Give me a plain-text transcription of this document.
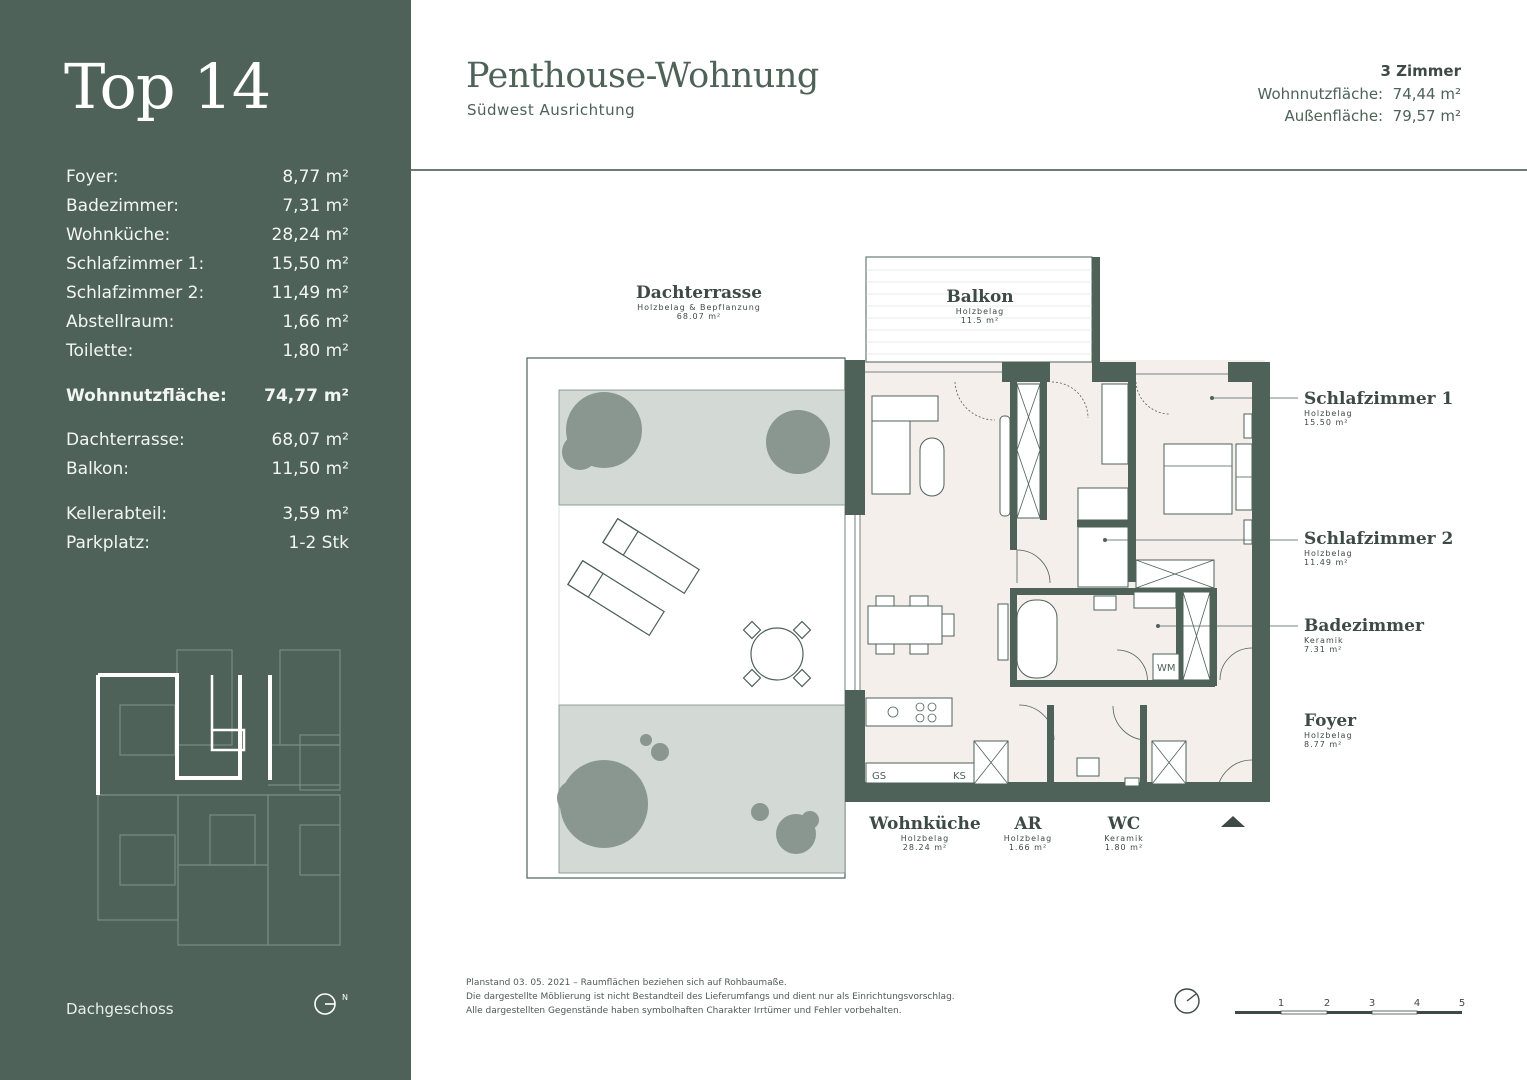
Top 14
Foyer:	8,77 m²
Badezimmer:	7,31 m²
Wohnküche:	28,24 m²
Schlafzimmer 1:	15,50 m²
Schlafzimmer 2:	11,49 m²
Abstellraum:	1,66 m²
Toilette:	1,80 m²
Wohnnutzfläche: 74,77 m²
Dachterrasse:	68,07 m²
Balkon:	11,50 m²
Kellerabteil:	3,59 m²
Parkplatz:	1-2 Stk
Dachgeschoss
N
Penthouse-Wohnung
Südwest Ausrichtung
3 Zimmer
Wohnnutzfläche: 74,44 m²
Außenfläche: 79,57 m²
GS	KS
WM
Dachterrasse
Holzbelag & Bepflanzung
68.07 m²
Balkon
Holzbelag
11.5 m²
Schlafzimmer 1
Holzbelag
15.50 m²
Schlafzimmer 2
Holzbelag
11.49 m²
Badezimmer
Keramik
7.31 m²
Foyer
Holzbelag
8.77 m²
Wohnküche
Holzbelag
28.24 m²
AR
Holzbelag
1.66 m²
WC
Keramik
1.80 m²
Planstand 03. 05. 2021 – Raumflächen beziehen sich auf Rohbaumaße.
Die dargestellte Möblierung ist nicht Bestandteil des Lieferumfangs und dient nur als Einrichtungsvorschlag.
Alle dargestellten Gegenstände haben symbolhaften Charakter Irrtümer und Fehler vorbehalten.
1	2	3	4	5
